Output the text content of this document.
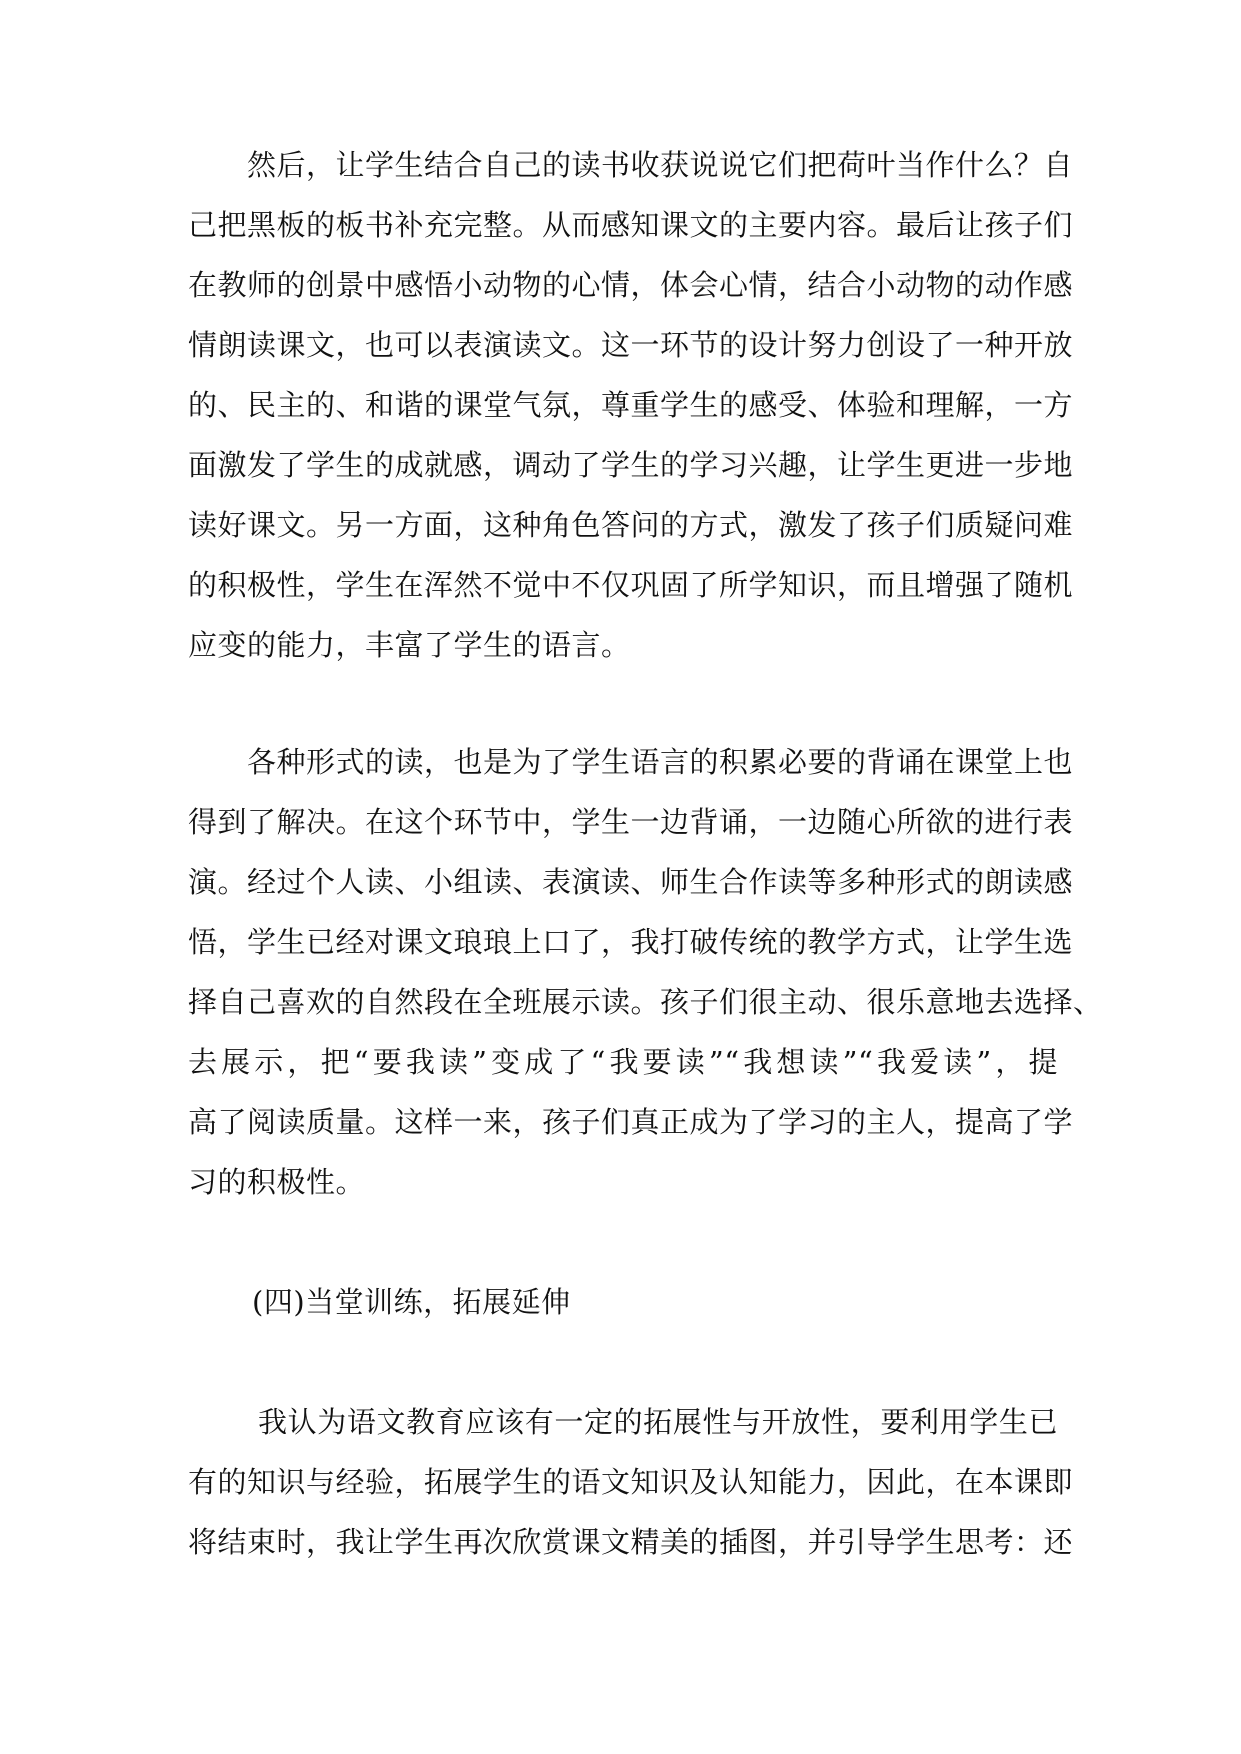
然后，让学生结合自己的读书收获说说它们把荷叶当作什么？自
己把黑板的板书补充完整。从而感知课文的主要内容。最后让孩子们
在教师的创景中感悟小动物的心情，体会心情，结合小动物的动作感
情朗读课文，也可以表演读文。这一环节的设计努力创设了一种开放
的、民主的、和谐的课堂气氛，尊重学生的感受、体验和理解，一方
面激发了学生的成就感，调动了学生的学习兴趣，让学生更进一步地
读好课文。另一方面，这种角色答问的方式，激发了孩子们质疑问难
的积极性，学生在浑然不觉中不仅巩固了所学知识，而且增强了随机
应变的能力，丰富了学生的语言。
各种形式的读，也是为了学生语言的积累必要的背诵在课堂上也
得到了解决。在这个环节中，学生一边背诵，一边随心所欲的进行表
演。经过个人读、小组读、表演读、师生合作读等多种形式的朗读感
悟，学生已经对课文琅琅上口了，我打破传统的教学方式，让学生选
择自己喜欢的自然段在全班展示读。孩子们很主动、很乐意地去选择、
去展示，把“要我读”变成了“我要读”“我想读”“我爱读”，提
高了阅读质量。这样一来，孩子们真正成为了学习的主人，提高了学
习的积极性。
(四)当堂训练，拓展延伸
我认为语文教育应该有一定的拓展性与开放性，要利用学生已
有的知识与经验，拓展学生的语文知识及认知能力，因此，在本课即
将结束时，我让学生再次欣赏课文精美的插图，并引导学生思考：还
